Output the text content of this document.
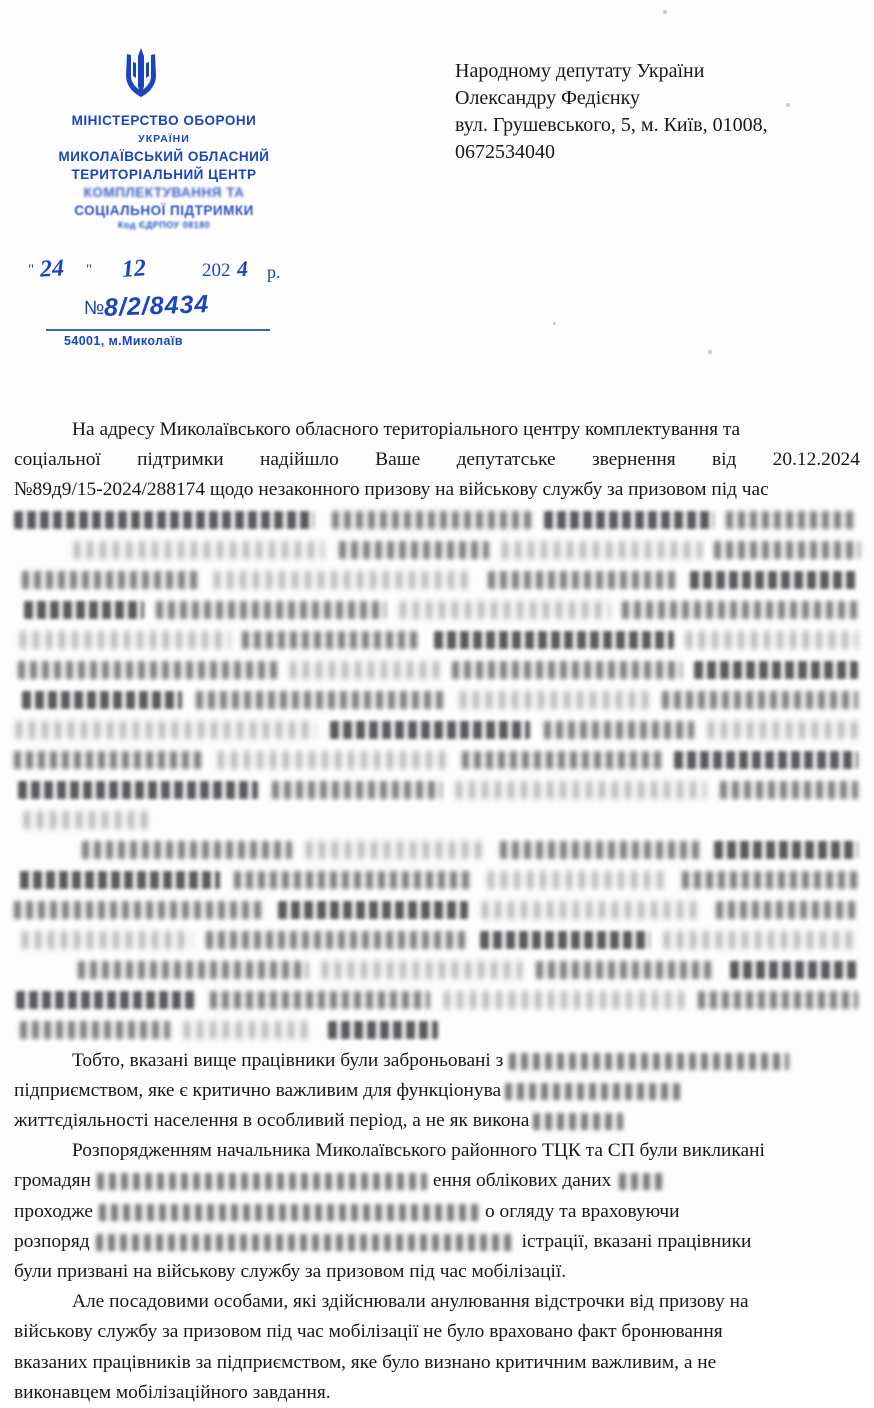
МІНІСТЕРСТВО ОБОРОНИ
УКРАЇНИ
МИКОЛАЇВСЬКИЙ ОБЛАСНИЙ
ТЕРИТОРІАЛЬНИЙ ЦЕНТР
КОМПЛЕКТУВАННЯ ТА
СОЦІАЛЬНОЇ ПІДТРИМКИ
Код ЄДРПОУ 08180
" 24 " 12	202 4 р.
№8/2/8434
54001, м.Миколаїв
Народному депутату України
Олександру Федієнку
вул. Грушевського, 5, м. Київ, 01008,
0672534040

На адресу Миколаївського обласного територіального центру комплектування та
соціальної підтримки надійшло Ваше депутатське звернення від 20.12.2024
№89д9/15-2024/288174 щодо незаконного призову на військову службу за призовом під час

Тобто, вказані вище працівники були заброньовані з
підприємством, яке є критично важливим для функціонува
життєдіяльності населення в особливий період, а не як викона

Розпорядженням начальника Миколаївського районного ТЦК та СП були викликані
громадян	ення облікових даних
проходже	о огляду та враховуючи
розпоряд	істрації, вказані працівники
були призвані на військову службу за призовом під час мобілізації.

Але посадовими особами, які здійснювали анулювання відстрочки від призову на
військову службу за призовом під час мобілізації не було враховано факт бронювання
вказаних працівників за підприємством, яке було визнано критичним важливим, а не
виконавцем мобілізаційного завдання.
